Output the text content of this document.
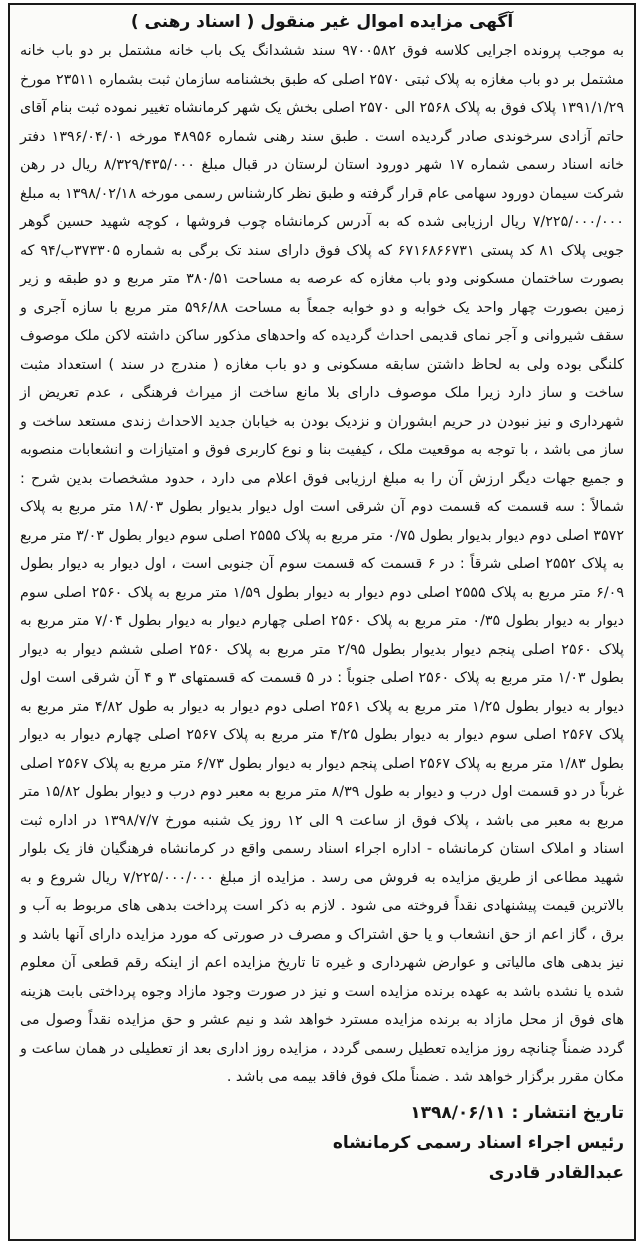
آگهی مزایده اموال غیر منقول ( اسناد رهنی )

به موجب پرونده اجرایی کلاسه فوق ۹۷۰۰۵۸۲ سند ششدانگ یک باب خانه مشتمل بر دو باب خانه مشتمل بر دو باب مغازه به پلاک ثبتی ۲۵۷۰ اصلی که طبق بخشنامه سازمان ثبت بشماره ۲۳۵۱۱ مورخ ۱۳۹۱/۱/۲۹ پلاک فوق به پلاک ۲۵۶۸ الی ۲۵۷۰ اصلی بخش یک شهر کرمانشاه تغییر نموده ثبت بنام آقای حاتم آزادی سرخوندی صادر گردیده است . طبق سند رهنی شماره ۴۸۹۵۶ مورخه ۱۳۹۶/۰۴/۰۱ دفتر خانه اسناد رسمی شماره ۱۷ شهر دورود استان لرستان در قبال مبلغ ۸/۳۲۹/۴۳۵/۰۰۰ ریال در رهن شرکت سیمان دورود سهامی عام قرار گرفته و طبق نظر کارشناس رسمی مورخه ۱۳۹۸/۰۲/۱۸ به مبلغ ۷/۲۲۵/۰۰۰/۰۰۰ ریال ارزیابی شده که به آدرس کرمانشاه چوب فروشها ، کوچه شهید حسین گوهر جویی پلاک ۸۱ کد پستی ۶۷۱۶۸۶۶۷۳۱ که پلاک فوق دارای سند تک برگی به شماره ۳۷۳۳۰۵ب/۹۴ که بصورت ساختمان مسکونی ودو باب مغازه که عرصه به مساحت ۳۸۰/۵۱ متر مربع و دو طبقه و زیر زمین بصورت چهار واحد یک خوابه و دو خوابه جمعاً به مساحت ۵۹۶/۸۸ متر مربع با سازه آجری و سقف شیروانی و آجر نمای قدیمی احداث گردیده که واحدهای مذکور ساکن داشته لاکن ملک موصوف کلنگی بوده ولی به لحاظ داشتن سابقه مسکونی و دو باب مغازه ( مندرج در سند ) استعداد مثبت ساخت و ساز دارد زیرا ملک موصوف دارای بلا مانع ساخت از میراث فرهنگی ، عدم تعریض از شهرداری و نیز نبودن در حریم ابشوران و نزدیک بودن به خیابان جدید الاحداث زندی مستعد ساخت و ساز می باشد ، با توجه به موقعیت ملک ، کیفیت بنا و نوع کاربری فوق و امتیازات و انشعابات منصوبه و جمیع جهات دیگر ارزش آن را به مبلغ ارزیابی فوق اعلام می دارد ، حدود مشخصات بدین شرح : شمالاً : سه قسمت که قسمت دوم آن شرقی است اول دیوار بدیوار بطول ۱۸/۰۳ متر مربع به پلاک ۳۵۷۲ اصلی دوم دیوار بدیوار بطول ۰/۷۵ متر مربع به پلاک ۲۵۵۵ اصلی سوم دیوار بطول ۳/۰۳ متر مربع به پلاک ۲۵۵۲ اصلی شرقاً : در ۶ قسمت که قسمت سوم آن جنوبی است ، اول دیوار به دیوار بطول ۶/۰۹ متر مربع به پلاک ۲۵۵۵ اصلی دوم دیوار به دیوار بطول ۱/۵۹ متر مربع به پلاک ۲۵۶۰ اصلی سوم دیوار به دیوار بطول ۰/۳۵ متر مربع به پلاک ۲۵۶۰ اصلی چهارم دیوار به دیوار بطول ۷/۰۴ متر مربع به پلاک ۲۵۶۰ اصلی پنجم دیوار بدیوار بطول ۲/۹۵ متر مربع به پلاک ۲۵۶۰ اصلی ششم دیوار به دیوار بطول ۱/۰۳ متر مربع به پلاک ۲۵۶۰ اصلی جنوباً : در ۵ قسمت که قسمتهای ۳ و ۴ آن شرقی است اول دیوار به دیوار بطول ۱/۲۵ متر مربع به پلاک ۲۵۶۱ اصلی دوم دیوار به دیوار به طول ۴/۸۲ متر مربع به پلاک ۲۵۶۷ اصلی سوم دیوار به دیوار بطول ۴/۲۵ متر مربع به پلاک ۲۵۶۷ اصلی چهارم دیوار به دیوار بطول ۱/۸۳ متر مربع به پلاک ۲۵۶۷ اصلی پنجم دیوار به دیوار بطول ۶/۷۳ متر مربع به پلاک ۲۵۶۷ اصلی غرباً در دو قسمت اول درب و دیوار به طول ۸/۳۹ متر مربع به معبر دوم درب و دیوار بطول ۱۵/۸۲ متر مربع به معبر می باشد ، پلاک فوق از ساعت ۹ الی ۱۲ روز یک شنبه مورخ ۱۳۹۸/۷/۷ در اداره ثبت اسناد و املاک استان کرمانشاه - اداره اجراء اسناد رسمی واقع در کرمانشاه فرهنگیان فاز یک بلوار شهید مطاعی از طریق مزایده به فروش می رسد . مزایده از مبلغ ۷/۲۲۵/۰۰۰/۰۰۰ ریال شروع و به بالاترین قیمت پیشنهادی نقداً فروخته می شود . لازم به ذکر است پرداخت بدهی های مربوط به آب و برق ، گاز اعم از حق انشعاب و یا حق اشتراک و مصرف در صورتی که مورد مزایده دارای آنها باشد و نیز بدهی های مالیاتی و عوارض شهرداری و غیره تا تاریخ مزایده اعم از اینکه رقم قطعی آن معلوم شده یا نشده باشد به عهده برنده مزایده است و نیز در صورت وجود مازاد وجوه پرداختی بابت هزینه های فوق از محل مازاد به برنده مزایده مسترد خواهد شد و نیم عشر و حق مزایده نقداً وصول می گردد ضمناً چنانچه روز مزایده تعطیل رسمی گردد ، مزایده روز اداری بعد از تعطیلی در همان ساعت و مکان مقرر برگزار خواهد شد . ضمناً ملک فوق فاقد بیمه می باشد .

تاریخ انتشار : ۱۳۹۸/۰۶/۱۱
رئیس اجراء اسناد رسمی کرمانشاه
عبدالقادر قادری
